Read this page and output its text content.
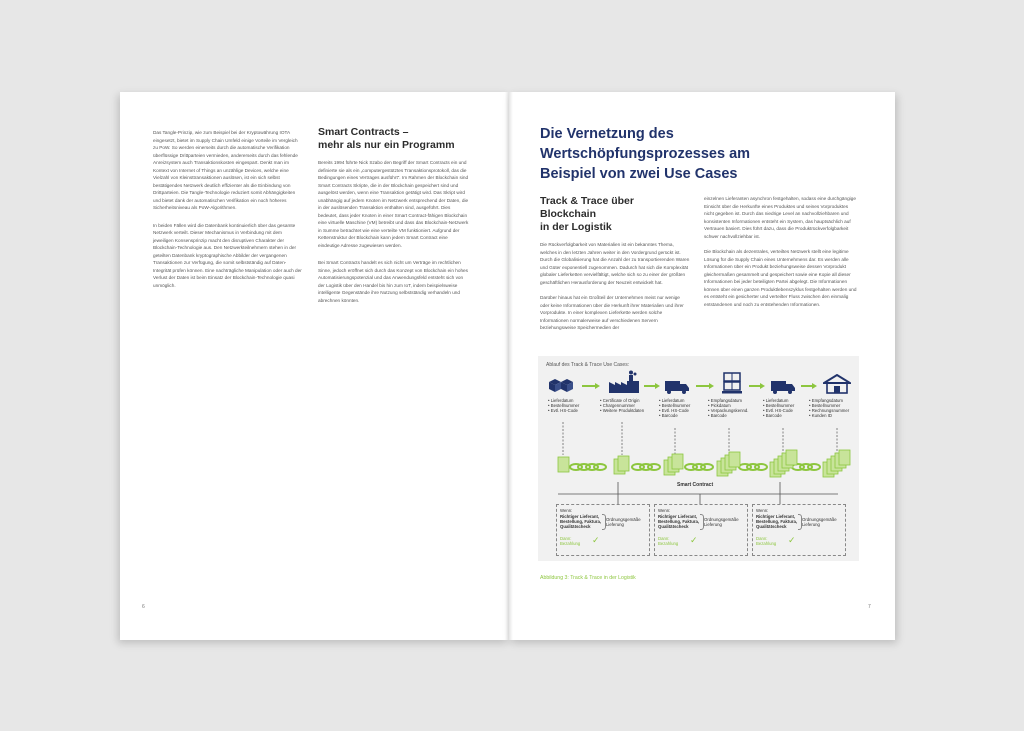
Das Tangle-Prinzip, wie zum Beispiel bei der Kryptowährung IOTA eingesetzt, bietet im Supply Chain Umfeld einige Vorteile im Vergleich zu PoW. So werden einerseits durch die automatische Verifikation überflüssige Drittparteien vermieden, andererseits durch das fehlende Anreizsystem auch Transaktionskosten eingespart. Denkt man im Kontext von Internet of Things an unzählige Devices, welche eine Vielzahl von Kleinsttransaktionen auslösen, ist ein sich selbst bestätigendes Netzwerk deutlich effizienter als die Einbindung von Drittparteien. Die Tangle-Technologie reduziert somit Abhängigkeiten und bietet dank der automatischen Verifikation ein noch höheres Sicherheitsniveau als PoW-Algorithmen.

In beiden Fällen wird die Datenbank kontinuierlich über das gesamte Netzwerk verteilt. Dieser Mechanismus in Verbindung mit dem jeweiligen Konsensprinzip macht den disruptiven Charakter der Blockchain-Technologie aus. Den Netzwerkteilnehmern stehen in der geteilten Datenbank kryptographische Abbilder der vergangenen Transaktionen zur Verfügung, die somit selbstständig auf Daten-Integrität prüfen können. Eine nachträgliche Manipulation oder auch der Verlust der Daten ist beim Einsatz der Blockchain-Technologie quasi unmöglich.

Smart Contracts –
mehr als nur ein Programm

Bereits 1994 führte Nick Szabo den Begriff der Smart Contracts ein und definierte sie als ein „computergestütztes Transaktionsprotokoll, das die Bedingungen eines Vertrages ausführt“. Im Rahmen der Blockchain sind Smart Contracts Skripte, die in der Blockchain gespeichert sind und ausgelöst werden, wenn eine Transaktion getätigt wird. Das Skript wird unabhängig auf jedem Knoten im Netzwerk entsprechend der Daten, die in der auslösenden Transaktion enthalten sind, ausgeführt. Dies bedeutet, dass jeder Knoten in einer Smart Contract-fähigen Blockchain eine virtuelle Maschine (VM) betreibt und dass das Blockchain-Netzwerk in Summe betrachtet wie eine verteilte VM funktioniert. Aufgrund der Kettenstruktur der Blockchain kann jedem Smart Contract eine eindeutige Adresse zugewiesen werden.

Bei Smart Contracts handelt es sich nicht um Verträge im rechtlichen Sinne, jedoch eröffnet sich durch das Konzept von Blockchain ein hohes Automatisierungspotenzial und das Anwendungsfeld entsteht sich von der Logistik über den Handel bis hin zum IoT, indem beispielsweise intelligente Gegenstände ihre Nutzung selbstständig verhandeln und abrechnen könnten.

6
Die Vernetzung des
Wertschöpfungsprozesses am
Beispiel von zwei Use Cases
Track & Trace über Blockchain
in der Logistik

Die Rückverfolgbarkeit von Materialien ist ein bekanntes Thema, welches in den letzten Jahren weiter in den Vordergrund gerückt ist. Durch die Globalisierung hat die Anzahl der zu transportierenden Waren und Güter exponentiell zugenommen. Dadurch hat sich die Komplexität globaler Lieferketten vervielfältigt, welche sich so zu einer der größten geschäftlichen Herausforderung der Neuzeit entwickelt hat.

Darüber hinaus hat ein Großteil der Unternehmen meist nur wenige oder keine Informationen über die Herkunft ihrer Materialien und ihrer Vorprodukte. In einer komplexen Lieferkette werden solche Informationen normalerweise auf verschiedenen Servern beziehungsweise Speichermedien der

einzelnen Lieferanten asynchron festgehalten, sodass eine durchgängige Einsicht über die Herkunfte eines Produktes und seines Vorproduktes nicht gegeben ist. Durch das niedrige Level an nachvollziehbaren und konsistenten Informationen entsteht ein System, das hauptsächlich auf Vertrauen basiert. Dies führt dazu, dass die Produktrückverfolgbarkeit schwer nachvollziehbar ist.

Die Blockchain als dezentrales, verteiltes Netzwerk stellt eine legitime Lösung für die Supply Chain eines Unternehmens dar. Es werden alle Informationen über ein Produkt beziehungsweise dessen Vorprodukt gleichermaßen gesammelt und gespeichert sowie eine Kopie all dieser Informationen bei jeder beteiligten Partei abgelegt. Die Informationen können über einen ganzen Produktlebenszyklus festgehalten werden und es entsteht ein gesicherter und verteilter Fluss zwischen den einmalig entstandenen und noch zu entstehenden Informationen.

Ablauf des Track & Trace Use Cases:
• Lieferdatum
• Bestellnummer
• Evtl. HS-Code
• Certificate of Origin
• Chargennummer
• Weitere Produktdaten
• Lieferdatum
• Bestellnummer
• Evtl. HS-Code
• Barcode
• Empfangsdatum
• Pickdatum
• Verpackungskennd.
• Barcode
• Lieferdatum
• Bestellnummer
• Evtl. HS-Code
• Barcode
• Empfangsdatum
• Bestellnummer
• Rechnungsnummer
• Kunden ID
Smart Contract
Wenn:
Richtiger Lieferant,
Bestellung, Faktura,
Qualitätscheck
Ordnungsgemäße
Lieferung
Dann:
Bezahlung ✓
Wenn:
Richtiger Lieferant,
Bestellung, Faktura,
Qualitätscheck
Ordnungsgemäße
Lieferung
Dann:
Bezahlung ✓
Wenn:
Richtiger Lieferant,
Bestellung, Faktura,
Qualitätscheck
Ordnungsgemäße
Lieferung
Dann:
Bezahlung ✓
Abbildung 3: Track & Trace in der Logistik
7
